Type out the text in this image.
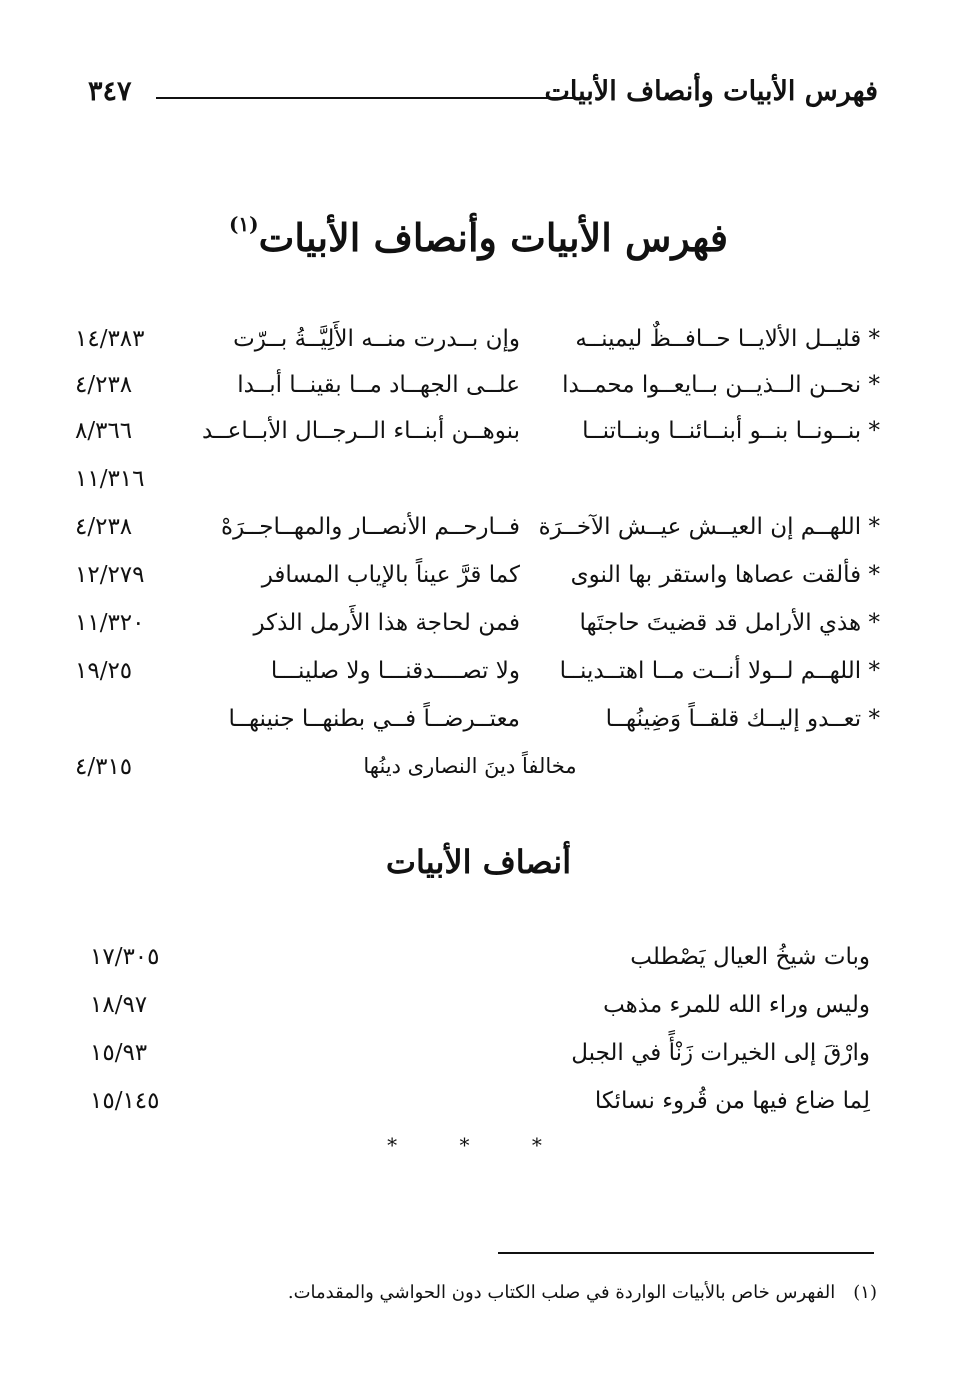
فهرس الأبيات وأنصاف الأبيات
٣٤٧
فهرس الأبيات وأنصاف الأبيات$^{(١)}$
* قليــل الألايــا حــافــظٌ ليمينــه
وإن بــدرت منــه الأَلِيَّــةُ بــرّت
١٤/٣٨٣
* نحــن الــذيــن بــايعــوا محمــدا
علــى الجهــاد مــا بقينــا أبــدا
٤/٢٣٨
* بنــونــا بنــو أبنــائنــا وبنــاتنــا
بنوهــن أبنــاء الــرجــال الأبــاعــد
٨/٣٦٦
١١/٣١٦
* اللهــم إن العيــش عيــش الآخــرَة
فــارحــم الأنصــار والمهــاجــرَهْ
٤/٢٣٨
* فألقت عصاها واستقر بها النوى
كما قرَّ عيناً بالإياب المسافر
١٢/٢٧٩
* هذي الأرامل قد قضيتَ حاجتَها
فمن لحاجة هذا الأَرمل الذكر
١١/٣٢٠
* اللهــم لــولا أنــت مــا اهتــدينــا
ولا تصــــدقنـــا ولا صلينـــا
١٩/٢٥
* تعــدو إليــك قلقــاً وَضِينُهــا
معتــرضــاً فــي بطنهــا جنينهــا
مخالفاً دينَ النصارى دينُها
٤/٣١٥
أنصاف الأبيات
وبات شيخُ العيال يَصْطلب
١٧/٣٠٥
وليس وراء الله للمرء مذهب
١٨/٩٧
وارْقَ إلى الخيرات زَنْأً في الجبل
١٥/٩٣
لِما ضاع فيها من قُروء نسائكا
١٥/١٤٥
* * *
(١)الفهرس خاص بالأبيات الواردة في صلب الكتاب دون الحواشي والمقدمات.
